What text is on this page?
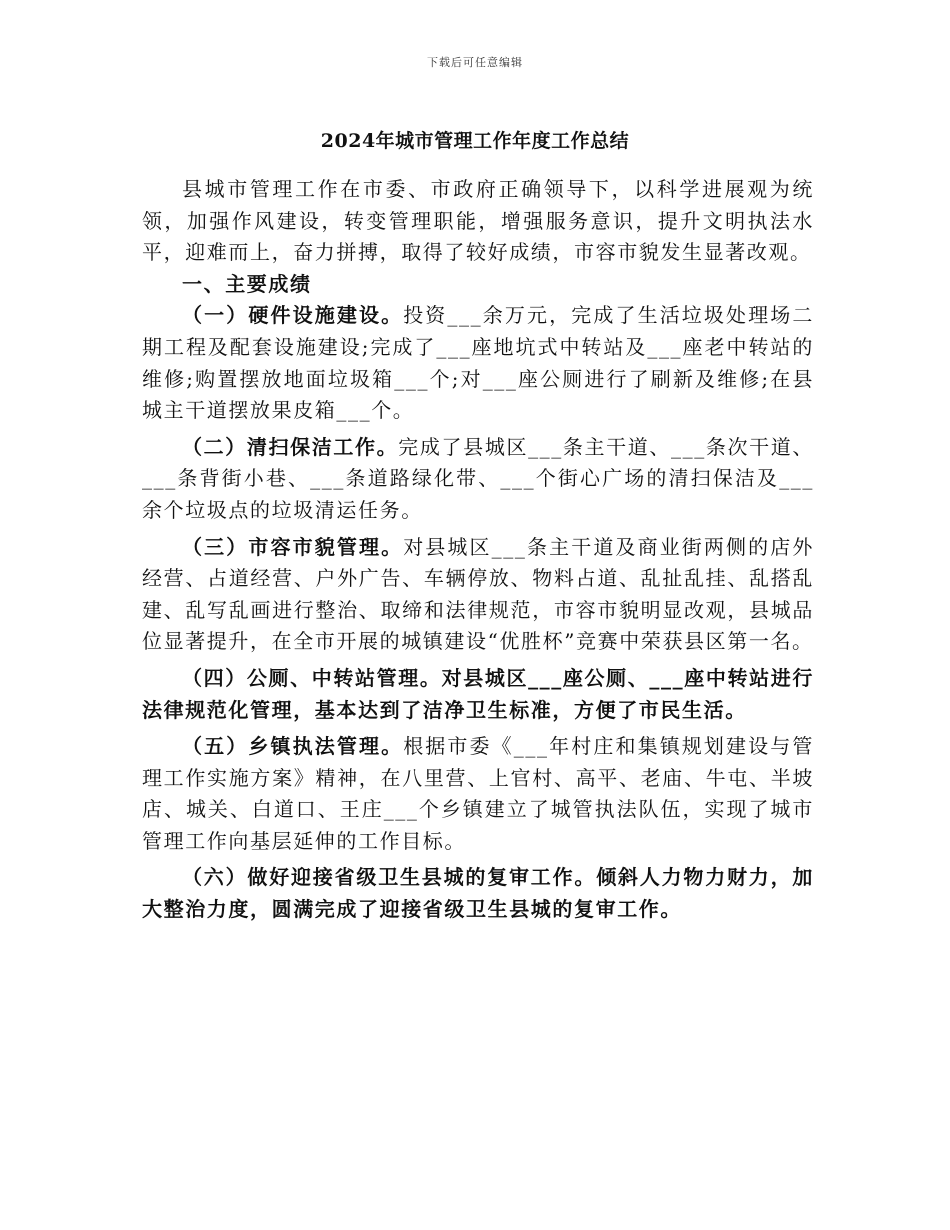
下载后可任意编辑
2024年城市管理工作年度工作总结

县城市管理工作在市委、市政府正确领导下，以科学进展观为统领，加强作风建设，转变管理职能，增强服务意识，提升文明执法水平，迎难而上，奋力拼搏，取得了较好成绩，市容市貌发生显著改观。

一、主要成绩

（一）硬件设施建设。投资___余万元，完成了生活垃圾处理场二期工程及配套设施建设;完成了___座地坑式中转站及___座老中转站的维修;购置摆放地面垃圾箱___个;对___座公厕进行了刷新及维修;在县城主干道摆放果皮箱___个。

（二）清扫保洁工作。完成了县城区___条主干道、___条次干道、___条背街小巷、___条道路绿化带、___个街心广场的清扫保洁及___余个垃圾点的垃圾清运任务。

（三）市容市貌管理。对县城区___条主干道及商业街两侧的店外经营、占道经营、户外广告、车辆停放、物料占道、乱扯乱挂、乱搭乱建、乱写乱画进行整治、取缔和法律规范，市容市貌明显改观，县城品位显著提升，在全市开展的城镇建设“优胜杯”竞赛中荣获县区第一名。

（四）公厕、中转站管理。对县城区___座公厕、___座中转站进行法律规范化管理，基本达到了洁净卫生标准，方便了市民生活。

（五）乡镇执法管理。根据市委《___年村庄和集镇规划建设与管理工作实施方案》精神，在八里营、上官村、高平、老庙、牛屯、半坡店、城关、白道口、王庄___个乡镇建立了城管执法队伍，实现了城市管理工作向基层延伸的工作目标。

（六）做好迎接省级卫生县城的复审工作。倾斜人力物力财力，加大整治力度，圆满完成了迎接省级卫生县城的复审工作。
